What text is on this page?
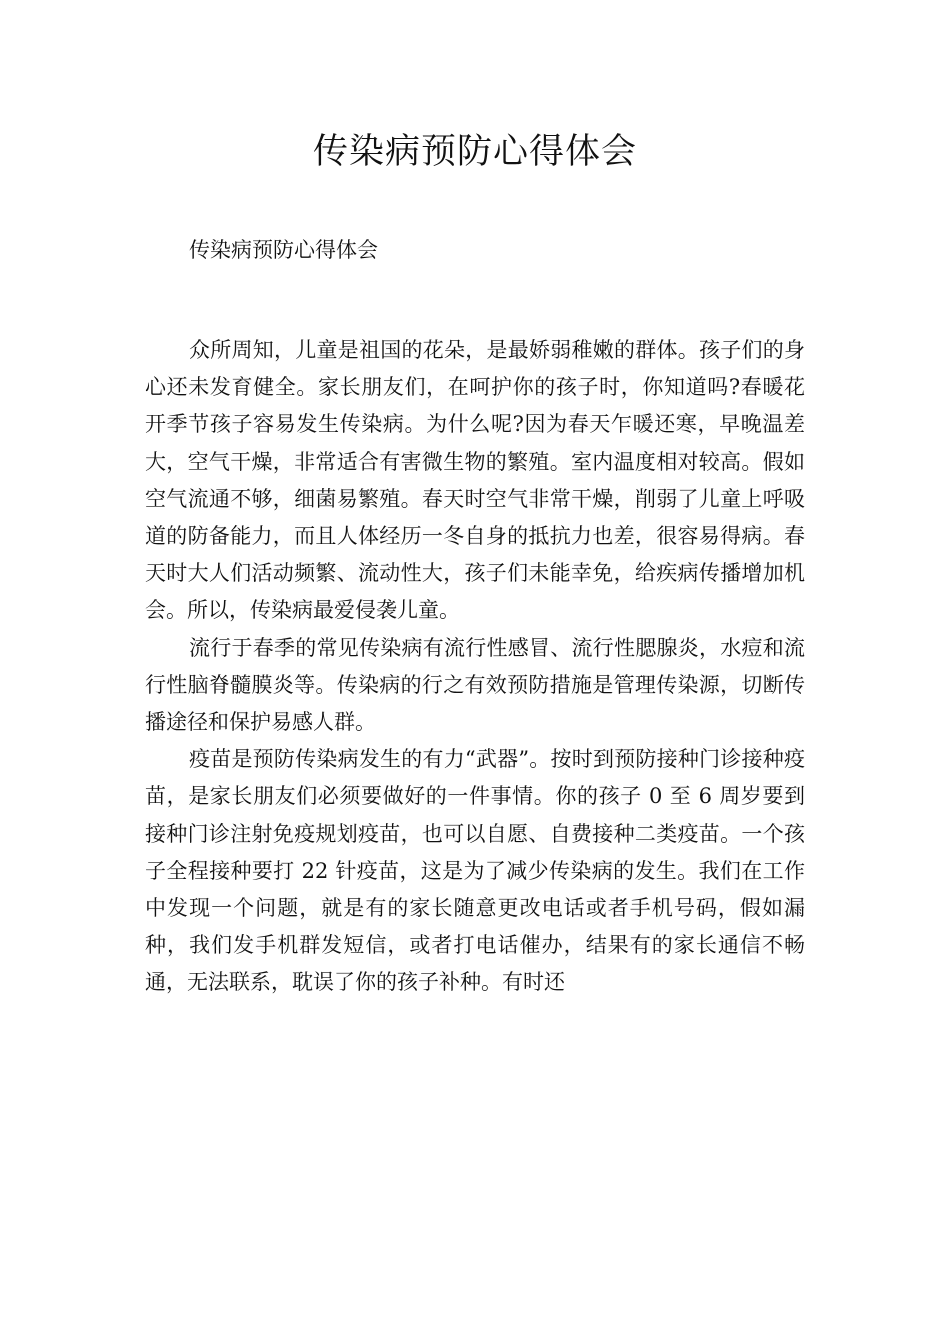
传染病预防心得体会

传染病预防心得体会

众所周知，儿童是祖国的花朵，是最娇弱稚嫩的群体。孩子们的身心还未发育健全。家长朋友们，在呵护你的孩子时，你知道吗?春暖花开季节孩子容易发生传染病。为什么呢?因为春天乍暖还寒，早晚温差大，空气干燥，非常适合有害微生物的繁殖。室内温度相对较高。假如空气流通不够，细菌易繁殖。春天时空气非常干燥，削弱了儿童上呼吸道的防备能力，而且人体经历一冬自身的抵抗力也差，很容易得病。春天时大人们活动频繁、流动性大，孩子们未能幸免，给疾病传播增加机会。所以，传染病最爱侵袭儿童。

流行于春季的常见传染病有流行性感冒、流行性腮腺炎，水痘和流行性脑脊髓膜炎等。传染病的行之有效预防措施是管理传染源，切断传播途径和保护易感人群。

疫苗是预防传染病发生的有力“武器”。按时到预防接种门诊接种疫苗，是家长朋友们必须要做好的一件事情。你的孩子 0 至 6 周岁要到接种门诊注射免疫规划疫苗，也可以自愿、自费接种二类疫苗。一个孩子全程接种要打 22 针疫苗，这是为了减少传染病的发生。我们在工作中发现一个问题，就是有的家长随意更改电话或者手机号码，假如漏种，我们发手机群发短信，或者打电话催办，结果有的家长通信不畅通，无法联系，耽误了你的孩子补种。有时还
